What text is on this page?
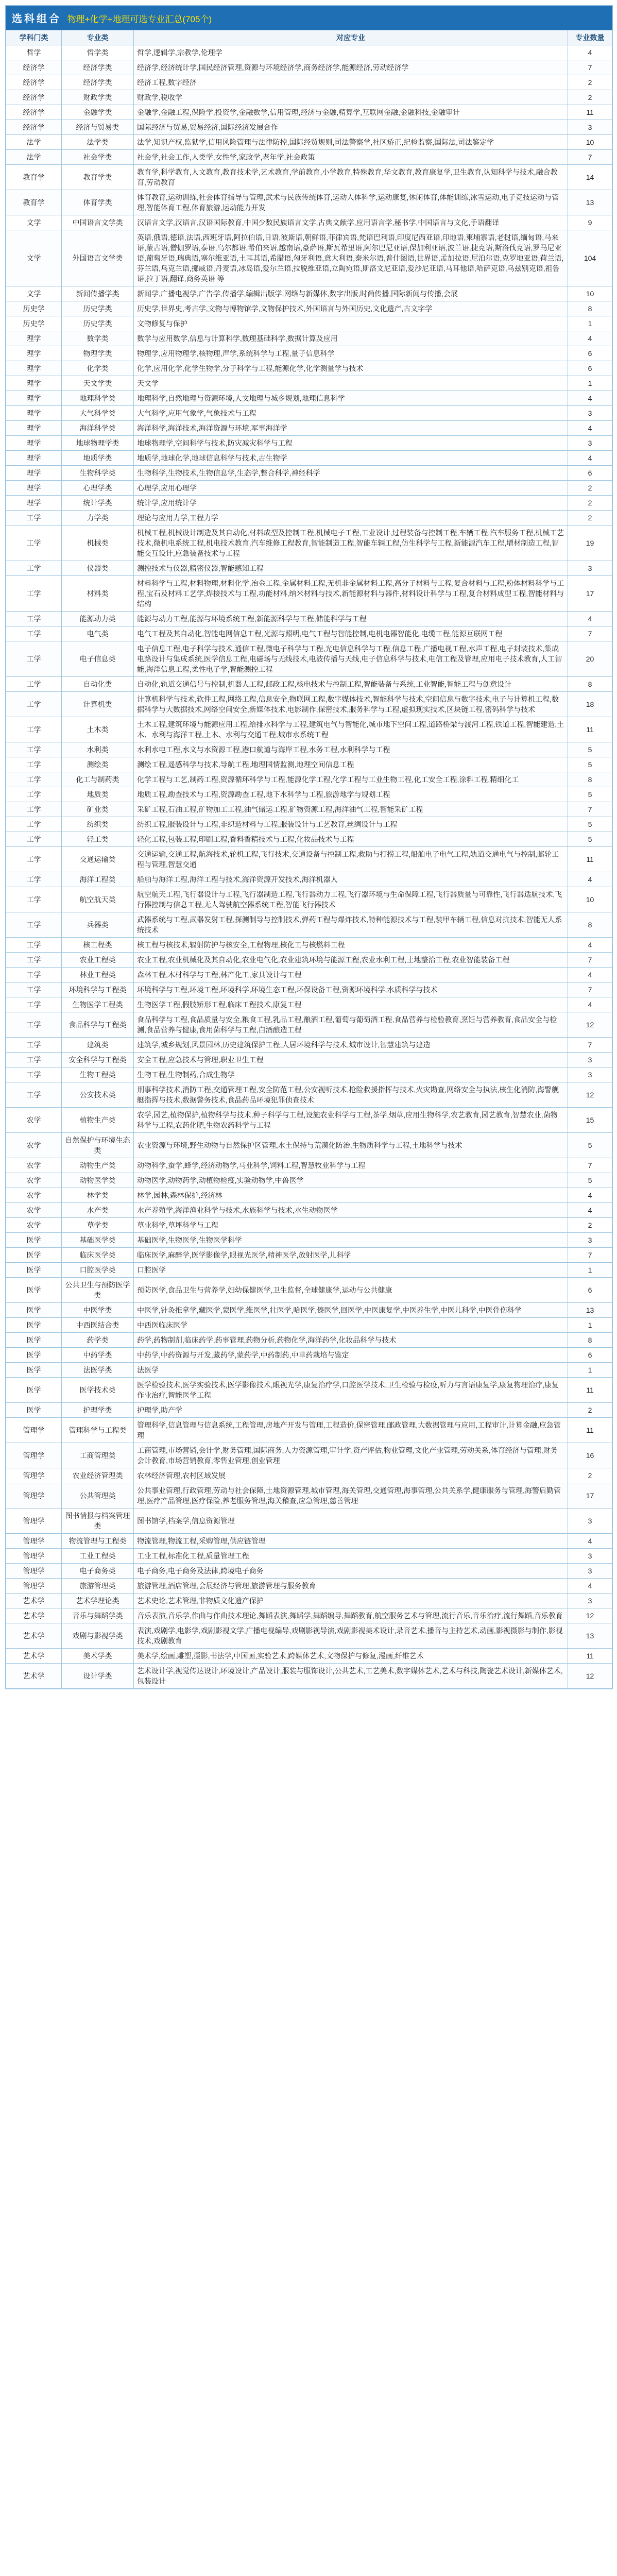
选科组合 物理+化学+地理可选专业汇总(705个)
学科门类	专业类	对应专业	专业数量
哲学	哲学类	哲学,逻辑学,宗教学,伦理学	4
经济学	经济学类	经济学,经济统计学,国民经济管理,资源与环境经济学,商务经济学,能源经济,劳动经济学	7
经济学	经济学类	经济工程,数字经济	2
经济学	财政学类	财政学,税收学	2
经济学	金融学类	金融学,金融工程,保险学,投资学,金融数学,信用管理,经济与金融,精算学,互联网金融,金融科技,金融审计	11
经济学	经济与贸易类	国际经济与贸易,贸易经济,国际经济发展合作	3
法学	法学类	法学,知识产权,监狱学,信用风险管理与法律防控,国际经贸规则,司法警察学,社区矫正,纪检监察,国际法,司法鉴定学	10
法学	社会学类	社会学,社会工作,人类学,女性学,家政学,老年学,社会政策	7
教育学	教育学类	教育学,科学教育,人文教育,教育技术学,艺术教育,学前教育,小学教育,特殊教育,华文教育,教育康复学,卫生教育,认知科学与技术,融合教育,劳动教育	14
教育学	体育学类	体育教育,运动训练,社会体育指导与管理,武术与民族传统体育,运动人体科学,运动康复,休闲体育,体能训练,冰雪运动,电子竞技运动与管理,智能体育工程,体育旅游,运动能力开发	13
文学	中国语言文学类	汉语言文学,汉语言,汉语国际教育,中国少数民族语言文学,古典文献学,应用语言学,秘书学,中国语言与文化,手语翻译	9
文学	外国语言文学类	英语,俄语,德语,法语,西班牙语,阿拉伯语,日语,波斯语,朝鲜语,菲律宾语,梵语巴利语,印度尼西亚语,印地语,柬埔寨语,老挝语,缅甸语,马来语,蒙古语,僧伽罗语,泰语,乌尔都语,希伯来语,越南语,豪萨语,斯瓦希里语,阿尔巴尼亚语,保加利亚语,波兰语,捷克语,斯洛伐克语,罗马尼亚语,葡萄牙语,瑞典语,塞尔维亚语,土耳其语,希腊语,匈牙利语,意大利语,泰米尔语,普什图语,世界语,孟加拉语,尼泊尔语,克罗地亚语,荷兰语,芬兰语,乌克兰语,挪威语,丹麦语,冰岛语,爱尔兰语,拉脱维亚语,立陶宛语,斯洛文尼亚语,爱沙尼亚语,马耳他语,哈萨克语,乌兹别克语,祖鲁语,拉丁语,翻译,商务英语 等	104
文学	新闻传播学类	新闻学,广播电视学,广告学,传播学,编辑出版学,网络与新媒体,数字出版,时尚传播,国际新闻与传播,会展	10
历史学	历史学类	历史学,世界史,考古学,文物与博物馆学,文物保护技术,外国语言与外国历史,文化遗产,古文字学	8
历史学	历史学类	文物修复与保护	1
理学	数学类	数学与应用数学,信息与计算科学,数理基础科学,数据计算及应用	4
理学	物理学类	物理学,应用物理学,核物理,声学,系统科学与工程,量子信息科学	6
理学	化学类	化学,应用化学,化学生物学,分子科学与工程,能源化学,化学测量学与技术	6
理学	天文学类	天文学	1
理学	地理科学类	地理科学,自然地理与资源环境,人文地理与城乡规划,地理信息科学	4
理学	大气科学类	大气科学,应用气象学,气象技术与工程	3
理学	海洋科学类	海洋科学,海洋技术,海洋资源与环境,军事海洋学	4
理学	地球物理学类	地球物理学,空间科学与技术,防灾减灾科学与工程	3
理学	地质学类	地质学,地球化学,地球信息科学与技术,古生物学	4
理学	生物科学类	生物科学,生物技术,生物信息学,生态学,整合科学,神经科学	6
理学	心理学类	心理学,应用心理学	2
理学	统计学类	统计学,应用统计学	2
工学	力学类	理论与应用力学,工程力学	2
工学	机械类	机械工程,机械设计制造及其自动化,材料成型及控制工程,机械电子工程,工业设计,过程装备与控制工程,车辆工程,汽车服务工程,机械工艺技术,微机电系统工程,机电技术教育,汽车维修工程教育,智能制造工程,智能车辆工程,仿生科学与工程,新能源汽车工程,增材制造工程,智能交互设计,应急装备技术与工程	19
工学	仪器类	测控技术与仪器,精密仪器,智能感知工程	3
工学	材料类	材料科学与工程,材料物理,材料化学,冶金工程,金属材料工程,无机非金属材料工程,高分子材料与工程,复合材料与工程,粉体材料科学与工程,宝石及材料工艺学,焊接技术与工程,功能材料,纳米材料与技术,新能源材料与器件,材料设计科学与工程,复合材料成型工程,智能材料与结构	17
工学	能源动力类	能源与动力工程,能源与环境系统工程,新能源科学与工程,储能科学与工程	4
工学	电气类	电气工程及其自动化,智能电网信息工程,光源与照明,电气工程与智能控制,电机电器智能化,电缆工程,能源互联网工程	7
工学	电子信息类	电子信息工程,电子科学与技术,通信工程,微电子科学与工程,光电信息科学与工程,信息工程,广播电视工程,水声工程,电子封装技术,集成电路设计与集成系统,医学信息工程,电磁场与无线技术,电波传播与天线,电子信息科学与技术,电信工程及管理,应用电子技术教育,人工智能,海洋信息工程,柔性电子学,智能测控工程	20
工学	自动化类	自动化,轨道交通信号与控制,机器人工程,邮政工程,核电技术与控制工程,智能装备与系统,工业智能,智能工程与创意设计	8
工学	计算机类	计算机科学与技术,软件工程,网络工程,信息安全,物联网工程,数字媒体技术,智能科学与技术,空间信息与数字技术,电子与计算机工程,数据科学与大数据技术,网络空间安全,新媒体技术,电影制作,保密技术,服务科学与工程,虚拟现实技术,区块链工程,密码科学与技术	18
工学	土木类	土木工程,建筑环境与能源应用工程,给排水科学与工程,建筑电气与智能化,城市地下空间工程,道路桥梁与渡河工程,铁道工程,智能建造,土木、水利与海洋工程,土木、水利与交通工程,城市水系统工程	11
工学	水利类	水利水电工程,水文与水资源工程,港口航道与海岸工程,水务工程,水利科学与工程	5
工学	测绘类	测绘工程,遥感科学与技术,导航工程,地理国情监测,地理空间信息工程	5
工学	化工与制药类	化学工程与工艺,制药工程,资源循环科学与工程,能源化学工程,化学工程与工业生物工程,化工安全工程,涂料工程,精细化工	8
工学	地质类	地质工程,勘查技术与工程,资源勘查工程,地下水科学与工程,旅游地学与规划工程	5
工学	矿业类	采矿工程,石油工程,矿物加工工程,油气储运工程,矿物资源工程,海洋油气工程,智能采矿工程	7
工学	纺织类	纺织工程,服装设计与工程,非织造材料与工程,服装设计与工艺教育,丝绸设计与工程	5
工学	轻工类	轻化工程,包装工程,印刷工程,香料香精技术与工程,化妆品技术与工程	5
工学	交通运输类	交通运输,交通工程,航海技术,轮机工程,飞行技术,交通设备与控制工程,救助与打捞工程,船舶电子电气工程,轨道交通电气与控制,邮轮工程与管理,智慧交通	11
工学	海洋工程类	船舶与海洋工程,海洋工程与技术,海洋资源开发技术,海洋机器人	4
工学	航空航天类	航空航天工程,飞行器设计与工程,飞行器制造工程,飞行器动力工程,飞行器环境与生命保障工程,飞行器质量与可靠性,飞行器适航技术,飞行器控制与信息工程,无人驾驶航空器系统工程,智能飞行器技术	10
工学	兵器类	武器系统与工程,武器发射工程,探测制导与控制技术,弹药工程与爆炸技术,特种能源技术与工程,装甲车辆工程,信息对抗技术,智能无人系统技术	8
工学	核工程类	核工程与核技术,辐射防护与核安全,工程物理,核化工与核燃料工程	4
工学	农业工程类	农业工程,农业机械化及其自动化,农业电气化,农业建筑环境与能源工程,农业水利工程,土地整治工程,农业智能装备工程	7
工学	林业工程类	森林工程,木材科学与工程,林产化工,家具设计与工程	4
工学	环境科学与工程类	环境科学与工程,环境工程,环境科学,环境生态工程,环保设备工程,资源环境科学,水质科学与技术	7
工学	生物医学工程类	生物医学工程,假肢矫形工程,临床工程技术,康复工程	4
工学	食品科学与工程类	食品科学与工程,食品质量与安全,粮食工程,乳品工程,酿酒工程,葡萄与葡萄酒工程,食品营养与检验教育,烹饪与营养教育,食品安全与检测,食品营养与健康,食用菌科学与工程,白酒酿造工程	12
工学	建筑类	建筑学,城乡规划,风景园林,历史建筑保护工程,人居环境科学与技术,城市设计,智慧建筑与建造	7
工学	安全科学与工程类	安全工程,应急技术与管理,职业卫生工程	3
工学	生物工程类	生物工程,生物制药,合成生物学	3
工学	公安技术类	刑事科学技术,消防工程,交通管理工程,安全防范工程,公安视听技术,抢险救援指挥与技术,火灾勘查,网络安全与执法,核生化消防,海警舰艇指挥与技术,数据警务技术,食品药品环境犯罪侦查技术	12
农学	植物生产类	农学,园艺,植物保护,植物科学与技术,种子科学与工程,设施农业科学与工程,茶学,烟草,应用生物科学,农艺教育,园艺教育,智慧农业,菌物科学与工程,农药化肥,生物农药科学与工程	15
农学	自然保护与环境生态类	农业资源与环境,野生动物与自然保护区管理,水土保持与荒漠化防治,生物质科学与工程,土地科学与技术	5
农学	动物生产类	动物科学,蚕学,蜂学,经济动物学,马业科学,饲料工程,智慧牧业科学与工程	7
农学	动物医学类	动物医学,动物药学,动植物检疫,实验动物学,中兽医学	5
农学	林学类	林学,园林,森林保护,经济林	4
农学	水产类	水产养殖学,海洋渔业科学与技术,水族科学与技术,水生动物医学	4
农学	草学类	草业科学,草坪科学与工程	2
医学	基础医学类	基础医学,生物医学,生物医学科学	3
医学	临床医学类	临床医学,麻醉学,医学影像学,眼视光医学,精神医学,放射医学,儿科学	7
医学	口腔医学类	口腔医学	1
医学	公共卫生与预防医学类	预防医学,食品卫生与营养学,妇幼保健医学,卫生监督,全球健康学,运动与公共健康	6
医学	中医学类	中医学,针灸推拿学,藏医学,蒙医学,维医学,壮医学,哈医学,傣医学,回医学,中医康复学,中医养生学,中医儿科学,中医骨伤科学	13
医学	中西医结合类	中西医临床医学	1
医学	药学类	药学,药物制剂,临床药学,药事管理,药物分析,药物化学,海洋药学,化妆品科学与技术	8
医学	中药学类	中药学,中药资源与开发,藏药学,蒙药学,中药制药,中草药栽培与鉴定	6
医学	法医学类	法医学	1
医学	医学技术类	医学检验技术,医学实验技术,医学影像技术,眼视光学,康复治疗学,口腔医学技术,卫生检验与检疫,听力与言语康复学,康复物理治疗,康复作业治疗,智能医学工程	11
医学	护理学类	护理学,助产学	2
管理学	管理科学与工程类	管理科学,信息管理与信息系统,工程管理,房地产开发与管理,工程造价,保密管理,邮政管理,大数据管理与应用,工程审计,计算金融,应急管理	11
管理学	工商管理类	工商管理,市场营销,会计学,财务管理,国际商务,人力资源管理,审计学,资产评估,物业管理,文化产业管理,劳动关系,体育经济与管理,财务会计教育,市场营销教育,零售业管理,创业管理	16
管理学	农业经济管理类	农林经济管理,农村区域发展	2
管理学	公共管理类	公共事业管理,行政管理,劳动与社会保障,土地资源管理,城市管理,海关管理,交通管理,海事管理,公共关系学,健康服务与管理,海警后勤管理,医疗产品管理,医疗保险,养老服务管理,海关稽查,应急管理,慈善管理	17
管理学	图书情报与档案管理类	图书馆学,档案学,信息资源管理	3
管理学	物流管理与工程类	物流管理,物流工程,采购管理,供应链管理	4
管理学	工业工程类	工业工程,标准化工程,质量管理工程	3
管理学	电子商务类	电子商务,电子商务及法律,跨境电子商务	3
管理学	旅游管理类	旅游管理,酒店管理,会展经济与管理,旅游管理与服务教育	4
艺术学	艺术学理论类	艺术史论,艺术管理,非物质文化遗产保护	3
艺术学	音乐与舞蹈学类	音乐表演,音乐学,作曲与作曲技术理论,舞蹈表演,舞蹈学,舞蹈编导,舞蹈教育,航空服务艺术与管理,流行音乐,音乐治疗,流行舞蹈,音乐教育	12
艺术学	戏剧与影视学类	表演,戏剧学,电影学,戏剧影视文学,广播电视编导,戏剧影视导演,戏剧影视美术设计,录音艺术,播音与主持艺术,动画,影视摄影与制作,影视技术,戏剧教育	13
艺术学	美术学类	美术学,绘画,雕塑,摄影,书法学,中国画,实验艺术,跨媒体艺术,文物保护与修复,漫画,纤维艺术	11
艺术学	设计学类	艺术设计学,视觉传达设计,环境设计,产品设计,服装与服饰设计,公共艺术,工艺美术,数字媒体艺术,艺术与科技,陶瓷艺术设计,新媒体艺术,包装设计	12
